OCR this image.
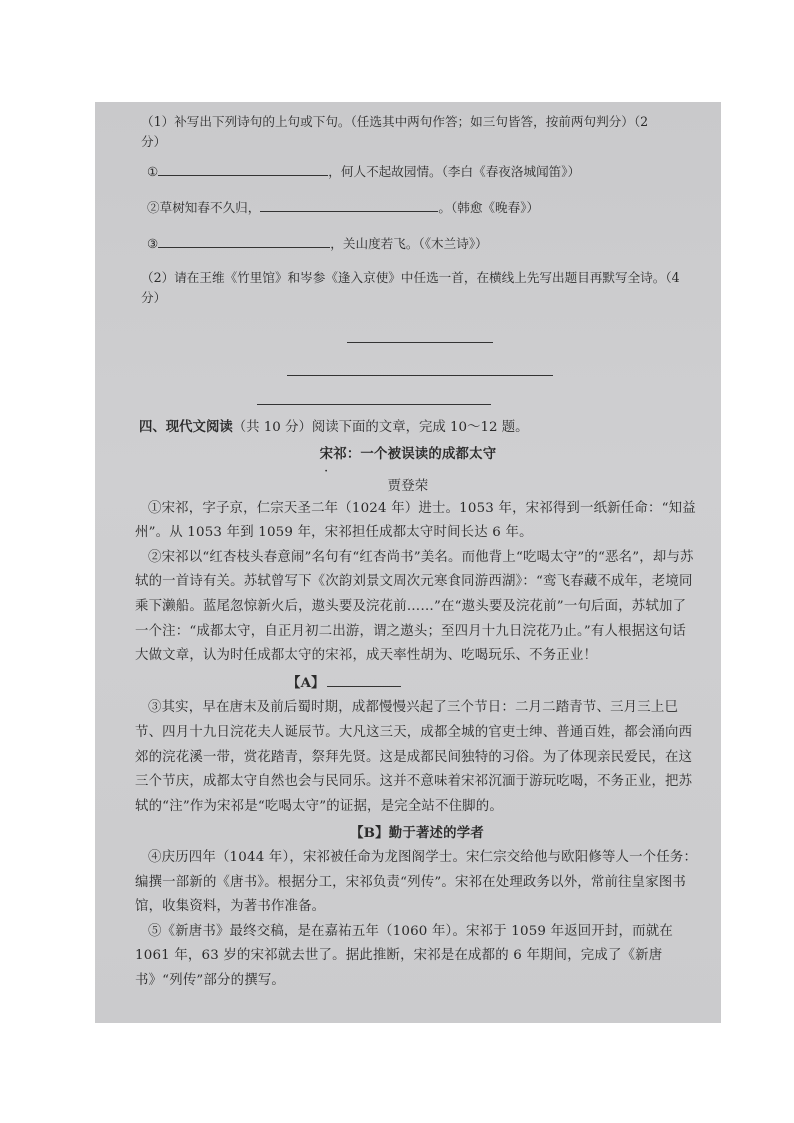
（1）补写出下列诗句的上句或下句。（任选其中两句作答；如三句皆答，按前两句判分）（2

分）

①	，何人不起故园情。（李白《春夜洛城闻笛》）

②草树知春不久归，	。（韩愈《晚春》）

③	，关山度若飞。（《木兰诗》）

（2）请在王维《竹里馆》和岑参《逢入京使》中任选一首，在横线上先写出题目再默写全诗。（4

分）

四、现代文阅读（共 10 分）阅读下面的文章，完成 10～12 题。

宋祁：一个被误读的成都太守

·

贾登荣

①宋祁，字子京，仁宗天圣二年（1024 年）进士。1053 年，宋祁得到一纸新任命：“知益州”。从 1053 年到 1059 年，宋祁担任成都太守时间长达 6 年。

②宋祁以“红杏枝头春意闹”名句有“红杏尚书”美名。而他背上“吃喝太守”的“恶名”，却与苏轼的一首诗有关。苏轼曾写下《次韵刘景文周次元寒食同游西湖》：“鸾飞春藏不成年，老境同乘下濑船。蓝尾忽惊新火后，遨头要及浣花前……”在“遨头要及浣花前”一句后面，苏轼加了一个注：“成都太守，自正月初二出游，谓之遨头；至四月十九日浣花乃止。”有人根据这句话大做文章，认为时任成都太守的宋祁，成天率性胡为、吃喝玩乐、不务正业！

【A】

③其实，早在唐末及前后蜀时期，成都慢慢兴起了三个节日：二月二踏青节、三月三上巳节、四月十九日浣花夫人诞辰节。大凡这三天，成都全城的官吏士绅、普通百姓，都会涌向西郊的浣花溪一带，赏花踏青，祭拜先贤。这是成都民间独特的习俗。为了体现亲民爱民，在这三个节庆，成都太守自然也会与民同乐。这并不意味着宋祁沉湎于游玩吃喝，不务正业，把苏轼的“注”作为宋祁是“吃喝太守”的证据，是完全站不住脚的。

【B】勤于著述的学者

④庆历四年（1044 年），宋祁被任命为龙图阁学士。宋仁宗交给他与欧阳修等人一个任务：编撰一部新的《唐书》。根据分工，宋祁负责“列传”。宋祁在处理政务以外，常前往皇家图书馆，收集资料，为著书作准备。

⑤《新唐书》最终交稿，是在嘉祐五年（1060 年）。宋祁于 1059 年返回开封，而就在 1061 年，63 岁的宋祁就去世了。据此推断，宋祁是在成都的 6 年期间，完成了《新唐书》“列传”部分的撰写。
